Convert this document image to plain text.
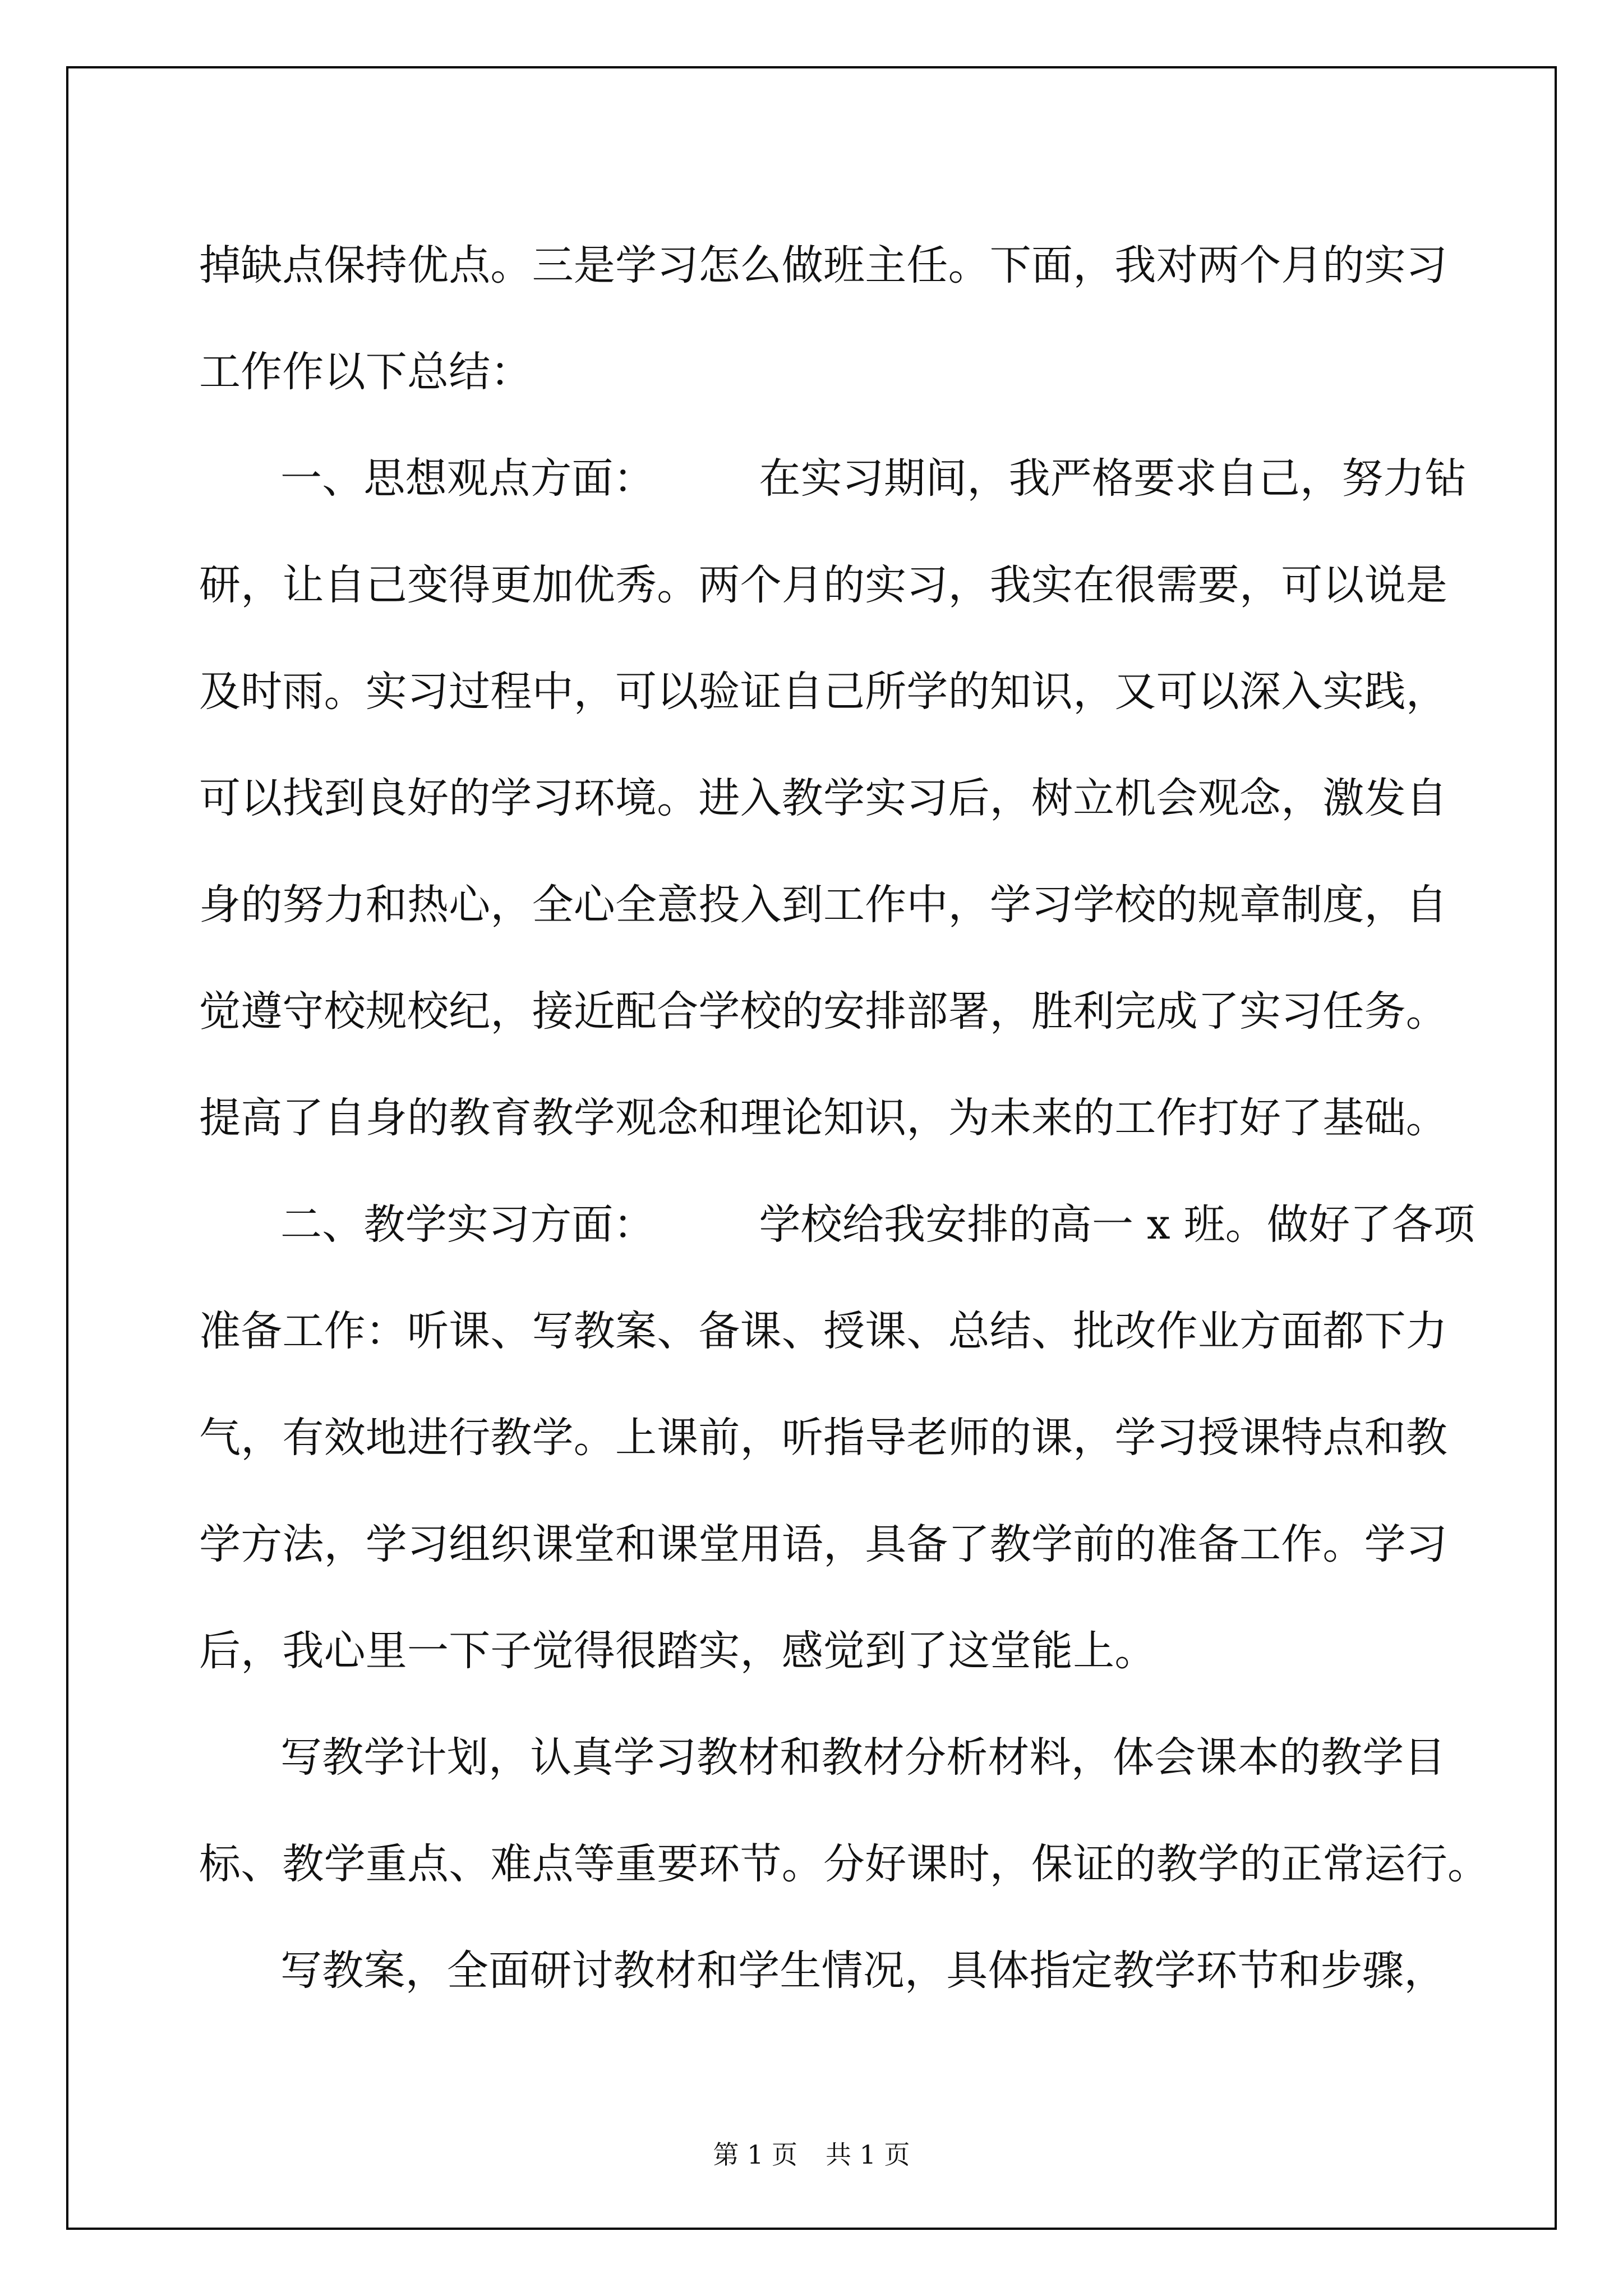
掉缺点保持优点。三是学习怎么做班主任。下面，我对两个月的实习
工作作以下总结：
一、思想观点方面：　　　在实习期间，我严格要求自己，努力钻
研，让自己变得更加优秀。两个月的实习，我实在很需要，可以说是
及时雨。实习过程中，可以验证自己所学的知识，又可以深入实践，
可以找到良好的学习环境。进入教学实习后，树立机会观念，激发自
身的努力和热心，全心全意投入到工作中，学习学校的规章制度，自
觉遵守校规校纪，接近配合学校的安排部署，胜利完成了实习任务。
提高了自身的教育教学观念和理论知识，为未来的工作打好了基础。
二、教学实习方面：　　　学校给我安排的高一 x 班。做好了各项
准备工作：听课、写教案、备课、授课、总结、批改作业方面都下力
气，有效地进行教学。上课前，听指导老师的课，学习授课特点和教
学方法，学习组织课堂和课堂用语，具备了教学前的准备工作。学习
后，我心里一下子觉得很踏实，感觉到了这堂能上。
写教学计划，认真学习教材和教材分析材料，体会课本的教学目
标、教学重点、难点等重要环节。分好课时，保证的教学的正常运行。
写教案，全面研讨教材和学生情况，具体指定教学环节和步骤，
第 1 页 共 1 页
